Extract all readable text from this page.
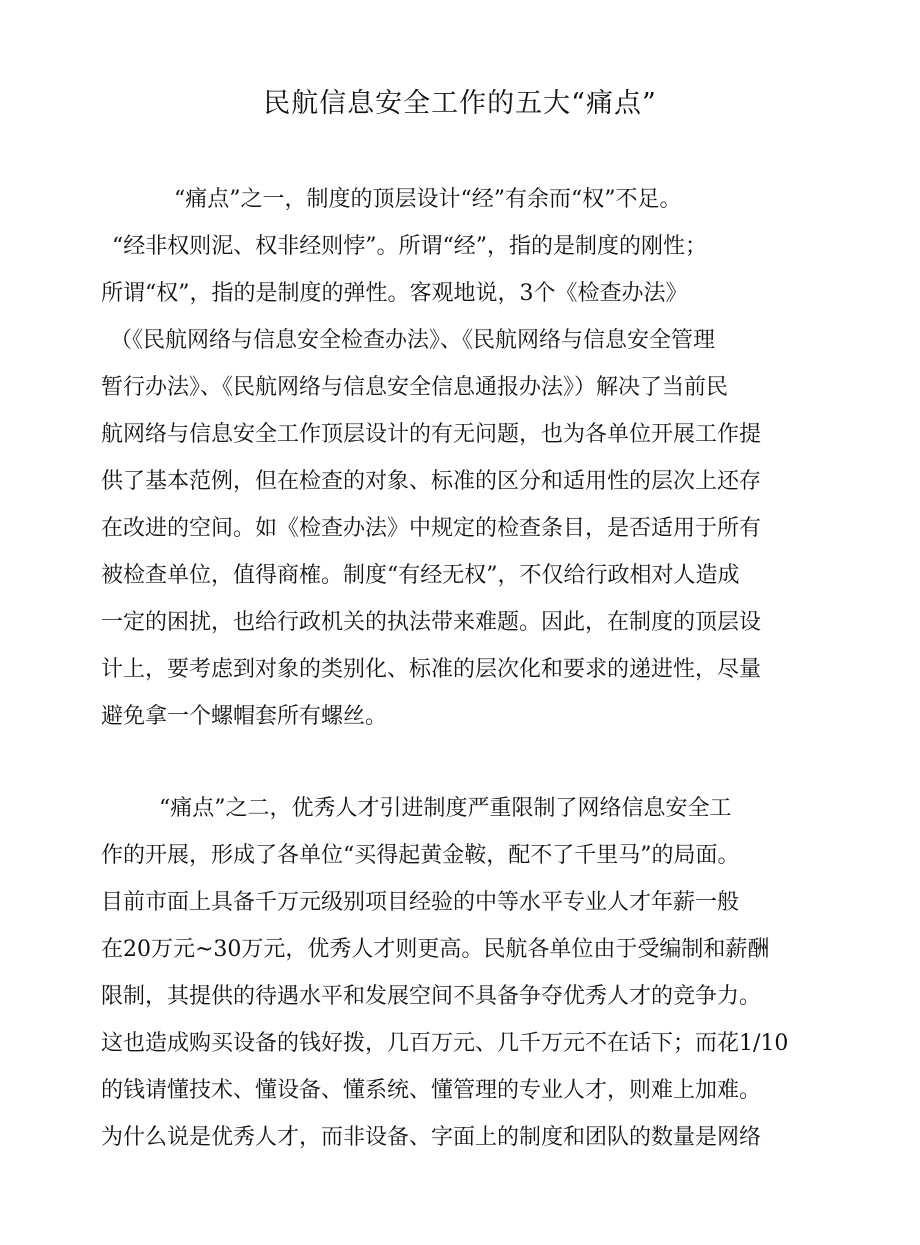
民航信息安全工作的五大“痛点”

“痛点”之一，制度的顶层设计“经”有余而“权”不足。

“经非权则泥、权非经则悖”。所谓“经”，指的是制度的刚性；

所谓“权”，指的是制度的弹性。客观地说，3个《检查办法》

（《民航网络与信息安全检查办法》、《民航网络与信息安全管理

暂行办法》、《民航网络与信息安全信息通报办法》）解决了当前民

航网络与信息安全工作顶层设计的有无问题，也为各单位开展工作提

供了基本范例，但在检查的对象、标准的区分和适用性的层次上还存

在改进的空间。如《检查办法》中规定的检查条目，是否适用于所有

被检查单位，值得商榷。制度“有经无权”，不仅给行政相对人造成

一定的困扰，也给行政机关的执法带来难题。因此，在制度的顶层设

计上，要考虑到对象的类别化、标准的层次化和要求的递进性，尽量

避免拿一个螺帽套所有螺丝。

“痛点”之二，优秀人才引进制度严重限制了网络信息安全工

作的开展，形成了各单位“买得起黄金鞍，配不了千里马”的局面。

目前市面上具备千万元级别项目经验的中等水平专业人才年薪一般

在20万元~30万元，优秀人才则更高。民航各单位由于受编制和薪酬

限制，其提供的待遇水平和发展空间不具备争夺优秀人才的竞争力。

这也造成购买设备的钱好拨，几百万元、几千万元不在话下；而花1/10

的钱请懂技术、懂设备、懂系统、懂管理的专业人才，则难上加难。

为什么说是优秀人才，而非设备、字面上的制度和团队的数量是网络
